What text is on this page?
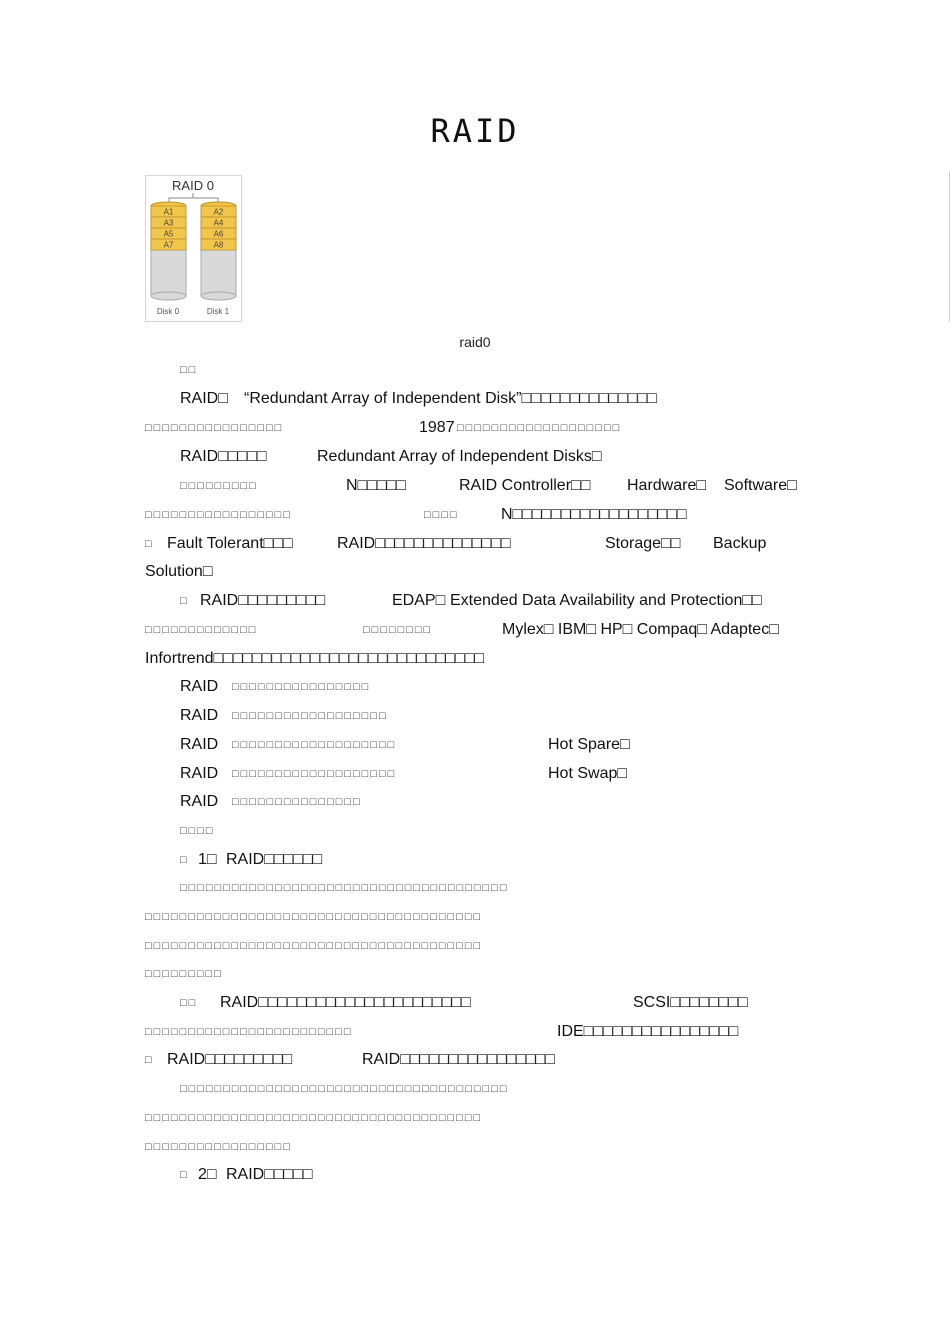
RAID
RAID 0
A1
A3
A5
A7
A2
A4
A6
A8
Disk 0	Disk 1
raid0

□□

RAID□

“Redundant Array of Independent Disk”□□□□□□□□□□□□□□

□□□□□□□□□□□□□□□□

	1987

□□□□□□□□□□□□□□□□□□□

RAID□□□□□

	Redundant Array of Independent Disks□

□□□□□□□□□

	N□□□□□

	RAID Controller□□

Hardware□

Software□

□□□□□□□□□□□□□□□□□

	□□□□

	N□□□□□□□□□□□□□□□□□□

□

Fault Tolerant□□□

	RAID□□□□□□□□□□□□□□

	Storage□□

Backup

Solution□

□

RAID□□□□□□□□□

	EDAP□

Extended Data Availability and Protection□□

□□□□□□□□□□□□□

	□□□□□□□□

	Mylex□ IBM□ HP□ Compaq□ Adaptec□

Infortrend□□□□□□□□□□□□□□□□□□□□□□□□□□□□

RAID

□□□□□□□□□□□□□□□□

RAID

□□□□□□□□□□□□□□□□□□

RAID

□□□□□□□□□□□□□□□□□□□

	Hot Spare□

RAID

□□□□□□□□□□□□□□□□□□□

	Hot Swap□

RAID

□□□□□□□□□□□□□□□

□□□□

□

1□

RAID□□□□□□

□□□□□□□□□□□□□□□□□□□□□□□□□□□□□□□□□□□□□□

□□□□□□□□□□□□□□□□□□□□□□□□□□□□□□□□□□□□□□□

□□□□□□□□□□□□□□□□□□□□□□□□□□□□□□□□□□□□□□□

□□□□□□□□□

□□

RAID□□□□□□□□□□□□□□□□□□□□□□

	SCSI□□□□□□□□

□□□□□□□□□□□□□□□□□□□□□□□□

	IDE□□□□□□□□□□□□□□□□

□

RAID□□□□□□□□□

	RAID□□□□□□□□□□□□□□□□

□□□□□□□□□□□□□□□□□□□□□□□□□□□□□□□□□□□□□□

□□□□□□□□□□□□□□□□□□□□□□□□□□□□□□□□□□□□□□□

□□□□□□□□□□□□□□□□□

□

2□

RAID□□□□□
